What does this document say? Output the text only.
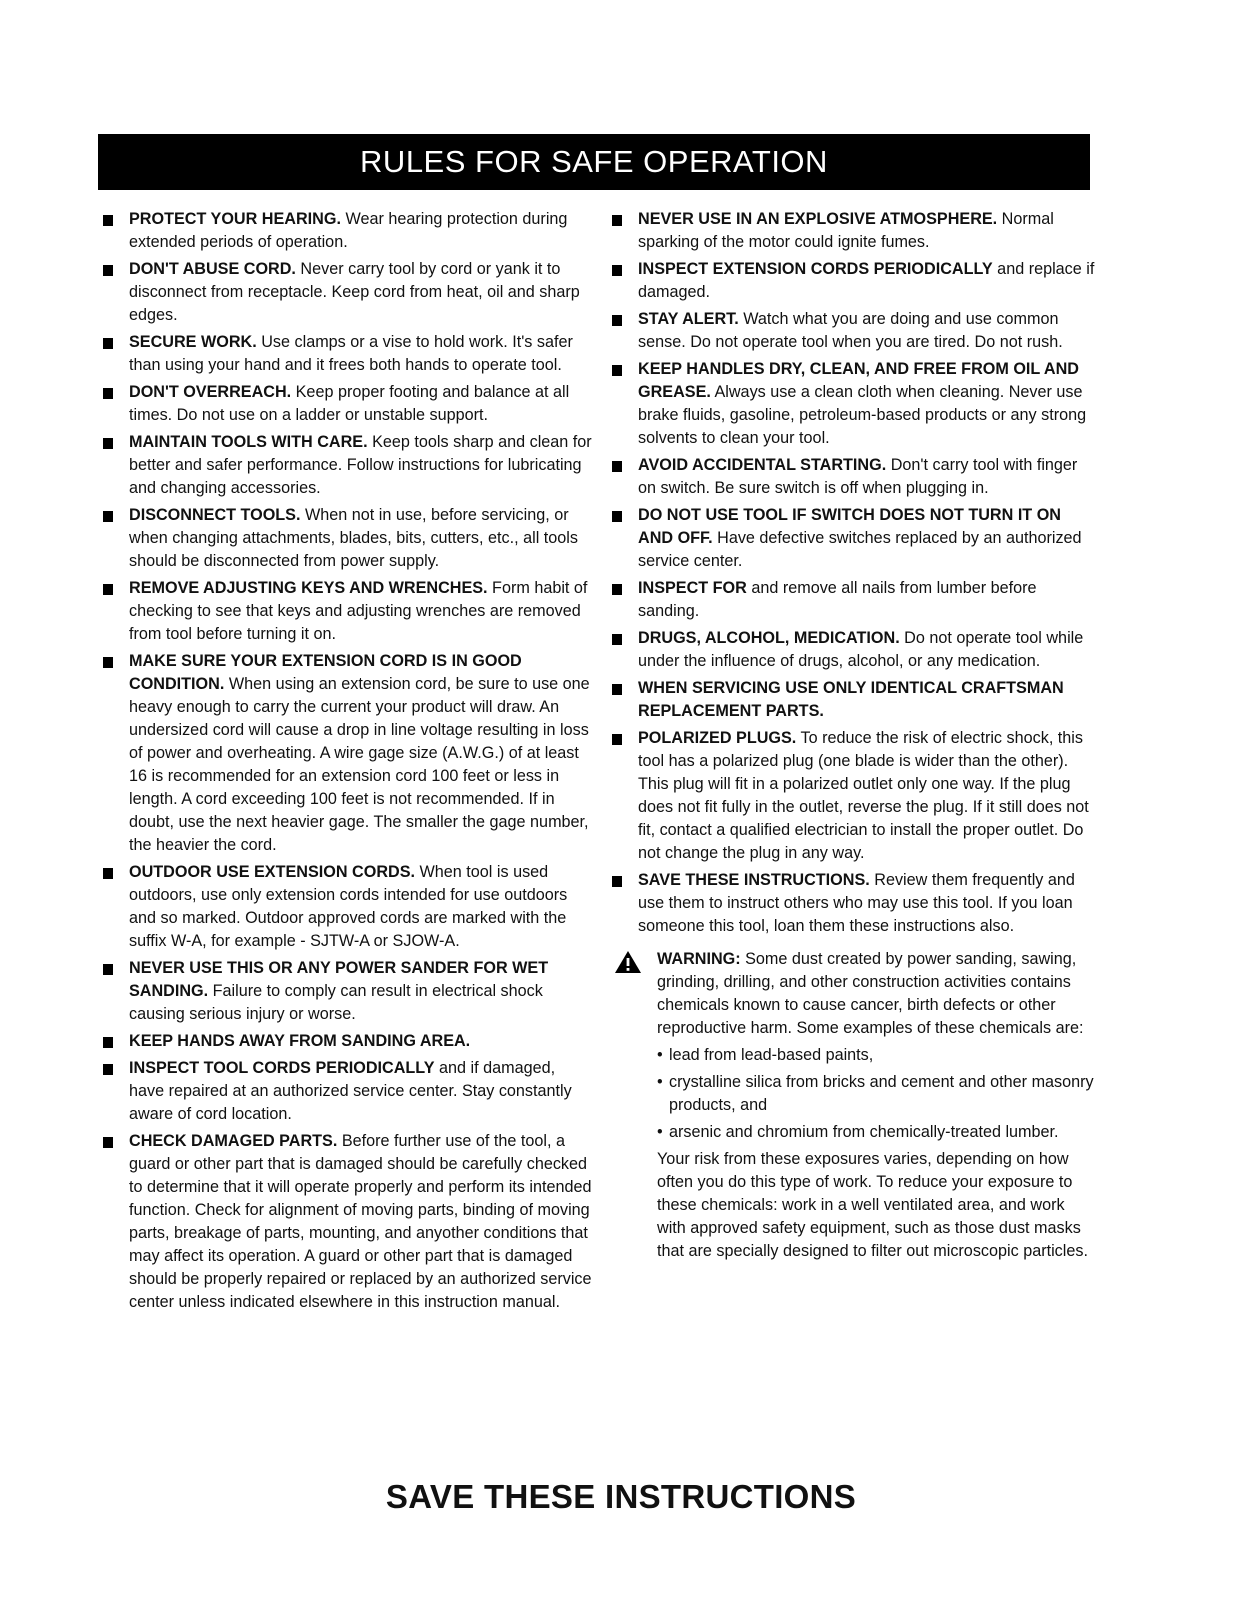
RULES FOR SAFE OPERATION
PROTECT YOUR HEARING. Wear hearing protection during extended periods of operation.
DON'T ABUSE CORD. Never carry tool by cord or yank it to disconnect from receptacle. Keep cord from heat, oil and sharp edges.
SECURE WORK. Use clamps or a vise to hold work. It's safer than using your hand and it frees both hands to operate tool.
DON'T OVERREACH. Keep proper footing and balance at all times. Do not use on a ladder or unstable support.
MAINTAIN TOOLS WITH CARE. Keep tools sharp and clean for better and safer performance. Follow instructions for lubricating and changing accessories.
DISCONNECT TOOLS. When not in use, before servicing, or when changing attachments, blades, bits, cutters, etc., all tools should be disconnected from power supply.
REMOVE ADJUSTING KEYS AND WRENCHES. Form habit of checking to see that keys and adjusting wrenches are removed from tool before turning it on.
MAKE SURE YOUR EXTENSION CORD IS IN GOOD CONDITION. When using an extension cord, be sure to use one heavy enough to carry the current your product will draw. An undersized cord will cause a drop in line voltage resulting in loss of power and overheating. A wire gage size (A.W.G.) of at least 16 is recommended for an extension cord 100 feet or less in length. A cord exceeding 100 feet is not recommended. If in doubt, use the next heavier gage. The smaller the gage number, the heavier the cord.
OUTDOOR USE EXTENSION CORDS. When tool is used outdoors, use only extension cords intended for use outdoors and so marked. Outdoor approved cords are marked with the suffix W-A, for example - SJTW-A or SJOW-A.
NEVER USE THIS OR ANY POWER SANDER FOR WET SANDING. Failure to comply can result in electrical shock causing serious injury or worse.
KEEP HANDS AWAY FROM SANDING AREA.
INSPECT TOOL CORDS PERIODICALLY and if damaged, have repaired at an authorized service center. Stay constantly aware of cord location.
CHECK DAMAGED PARTS. Before further use of the tool, a guard or other part that is damaged should be carefully checked to determine that it will operate properly and perform its intended function. Check for alignment of moving parts, binding of moving parts, breakage of parts, mounting, and anyother conditions that may affect its operation. A guard or other part that is damaged should be properly repaired or replaced by an authorized service center unless indicated elsewhere in this instruction manual.
NEVER USE IN AN EXPLOSIVE ATMOSPHERE. Normal sparking of the motor could ignite fumes.
INSPECT EXTENSION CORDS PERIODICALLY and replace if damaged.
STAY ALERT. Watch what you are doing and use common sense. Do not operate tool when you are tired. Do not rush.
KEEP HANDLES DRY, CLEAN, AND FREE FROM OIL AND GREASE. Always use a clean cloth when cleaning. Never use brake fluids, gasoline, petroleum-based products or any strong solvents to clean your tool.
AVOID ACCIDENTAL STARTING. Don't carry tool with finger on switch. Be sure switch is off when plugging in.
DO NOT USE TOOL IF SWITCH DOES NOT TURN IT ON AND OFF. Have defective switches replaced by an authorized service center.
INSPECT FOR and remove all nails from lumber before sanding.
DRUGS, ALCOHOL, MEDICATION. Do not operate tool while under the influence of drugs, alcohol, or any medication.
WHEN SERVICING USE ONLY IDENTICAL CRAFTSMAN REPLACEMENT PARTS.
POLARIZED PLUGS. To reduce the risk of electric shock, this tool has a polarized plug (one blade is wider than the other). This plug will fit in a polarized outlet only one way. If the plug does not fit fully in the outlet, reverse the plug. If it still does not fit, contact a qualified electrician to install the proper outlet. Do not change the plug in any way.
SAVE THESE INSTRUCTIONS. Review them frequently and use them to instruct others who may use this tool. If you loan someone this tool, loan them these instructions also.

WARNING: Some dust created by power sanding, sawing, grinding, drilling, and other construction activities contains chemicals known to cause cancer, birth defects or other reproductive harm. Some examples of these chemicals are:

• lead from lead-based paints,
• crystalline silica from bricks and cement and other masonry products, and
• arsenic and chromium from chemically-treated lumber.

Your risk from these exposures varies, depending on how often you do this type of work. To reduce your exposure to these chemicals: work in a well ventilated area, and work with approved safety equipment, such as those dust masks that are specially designed to filter out microscopic particles.

SAVE THESE INSTRUCTIONS
